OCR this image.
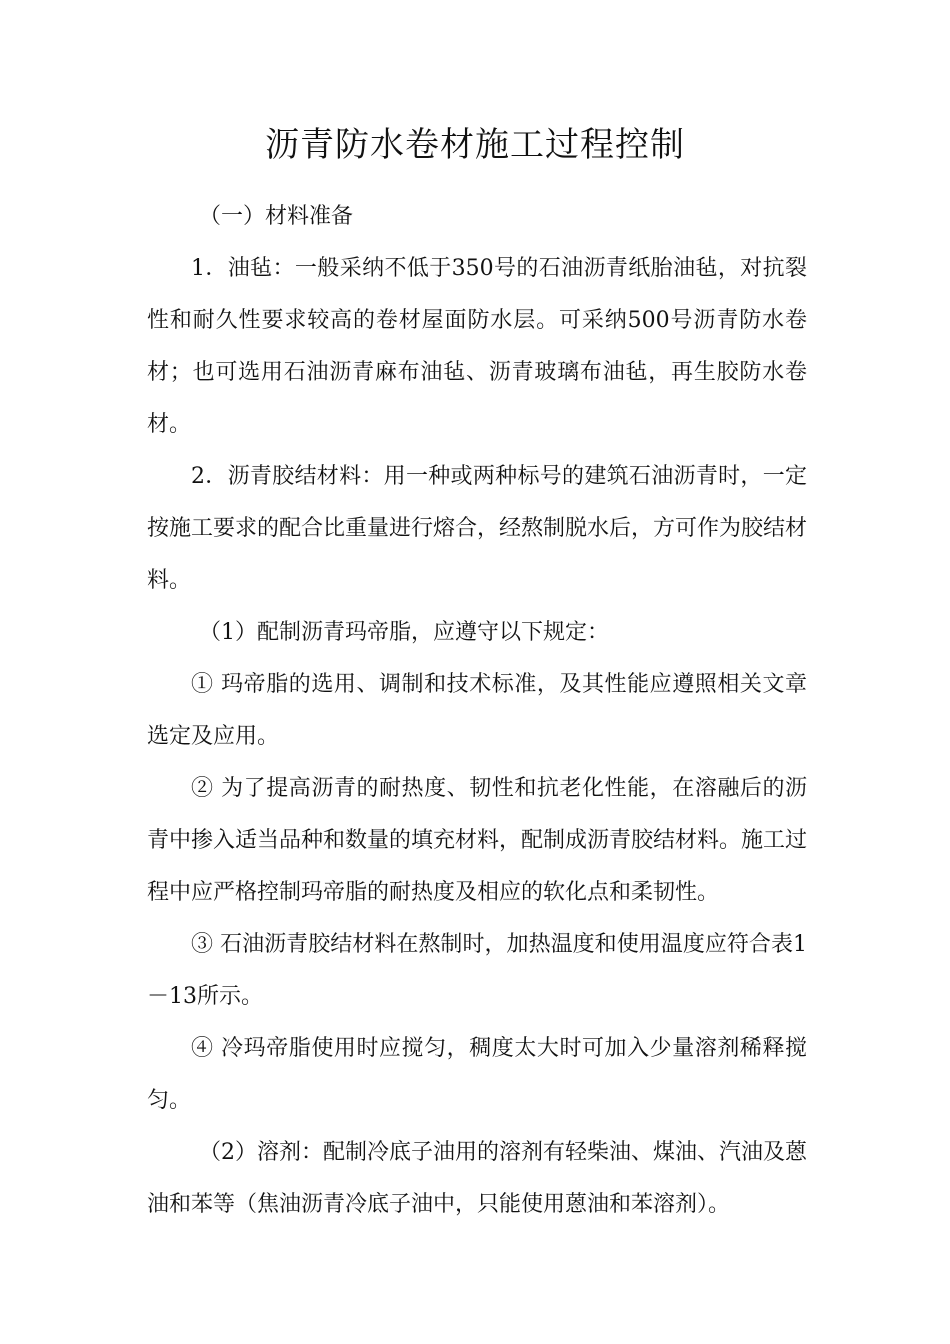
沥青防水卷材施工过程控制

（一）材料准备

1．油毡：一般采纳不低于350号的石油沥青纸胎油毡，对抗裂性和耐久性要求较高的卷材屋面防水层。可采纳500号沥青防水卷材；也可选用石油沥青麻布油毡、沥青玻璃布油毡，再生胶防水卷材。

2．沥青胶结材料：用一种或两种标号的建筑石油沥青时，一定按施工要求的配合比重量进行熔合，经熬制脱水后，方可作为胶结材料。

（1）配制沥青玛帝脂，应遵守以下规定：

① 玛帝脂的选用、调制和技术标准，及其性能应遵照相关文章选定及应用。

② 为了提高沥青的耐热度、韧性和抗老化性能，在溶融后的沥青中掺入适当品种和数量的填充材料，配制成沥青胶结材料。施工过程中应严格控制玛帝脂的耐热度及相应的软化点和柔韧性。

③ 石油沥青胶结材料在熬制时，加热温度和使用温度应符合表1－13所示。

④ 冷玛帝脂使用时应搅匀，稠度太大时可加入少量溶剂稀释搅匀。

（2）溶剂：配制冷底子油用的溶剂有轻柴油、煤油、汽油及蒽油和苯等（焦油沥青冷底子油中，只能使用蒽油和苯溶剂）。
